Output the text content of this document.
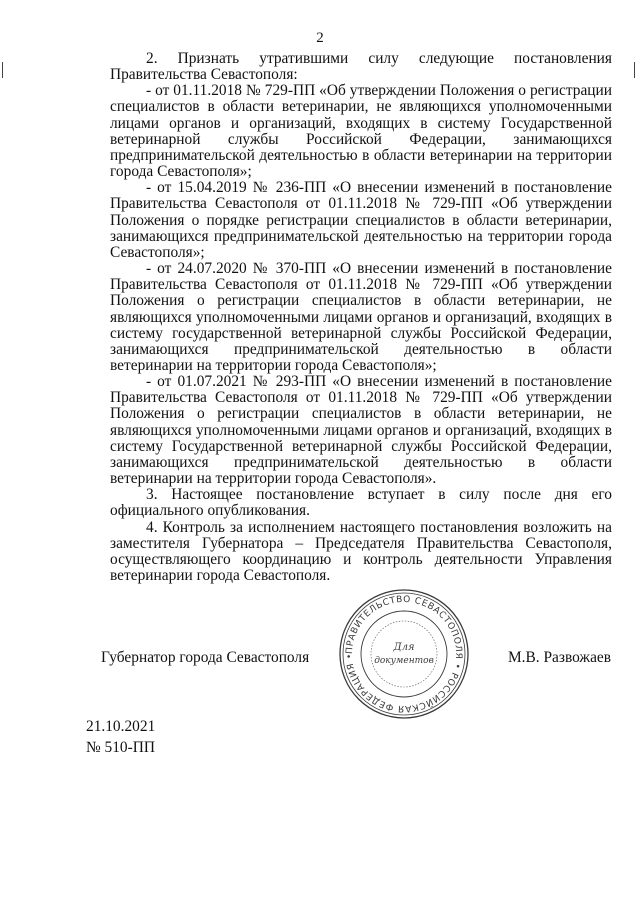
2

2. Признать утратившими силу следующие постановления Правительства Севастополя:

- от 01.11.2018 № 729-ПП «Об утверждении Положения о регистрации специалистов в области ветеринарии, не являющихся уполномоченными лицами органов и организаций, входящих в систему Государственной ветеринарной службы Российской Федерации, занимающихся предпринимательской деятельностью в области ветеринарии на территории города Севастополя»;

- от 15.04.2019 № 236-ПП «О внесении изменений в постановление Правительства Севастополя от 01.11.2018 № 729-ПП «Об утверждении Положения о порядке регистрации специалистов в области ветеринарии, занимающихся предпринимательской деятельностью на территории города Севастополя»;

- от 24.07.2020 № 370-ПП «О внесении изменений в постановление Правительства Севастополя от 01.11.2018 № 729-ПП «Об утверждении Положения о регистрации специалистов в области ветеринарии, не являющихся уполномоченными лицами органов и организаций, входящих в систему государственной ветеринарной службы Российской Федерации, занимающихся предпринимательской деятельностью в области ветеринарии на территории города Севастополя»;

- от 01.07.2021 № 293-ПП «О внесении изменений в постановление Правительства Севастополя от 01.11.2018 № 729-ПП «Об утверждении Положения о регистрации специалистов в области ветеринарии, не являющихся уполномоченными лицами органов и организаций, входящих в систему Государственной ветеринарной службы Российской Федерации, занимающихся предпринимательской деятельностью в области ветеринарии на территории города Севастополя».

3. Настоящее постановление вступает в силу после дня его официального опубликования.

4. Контроль за исполнением настоящего постановления возложить на заместителя Губернатора – Председателя Правительства Севастополя, осуществляющего координацию и контроль деятельности Управления ветеринарии города Севастополя.

Губернатор города Севастополя	ПРАВИТЕЛЬСТВО СЕВАСТОПОЛЯ • РОССИЙСКАЯ ФЕДЕРАЦИЯ •
Для
документов	М.В. Развожаев
21.10.2021
№ 510-ПП
